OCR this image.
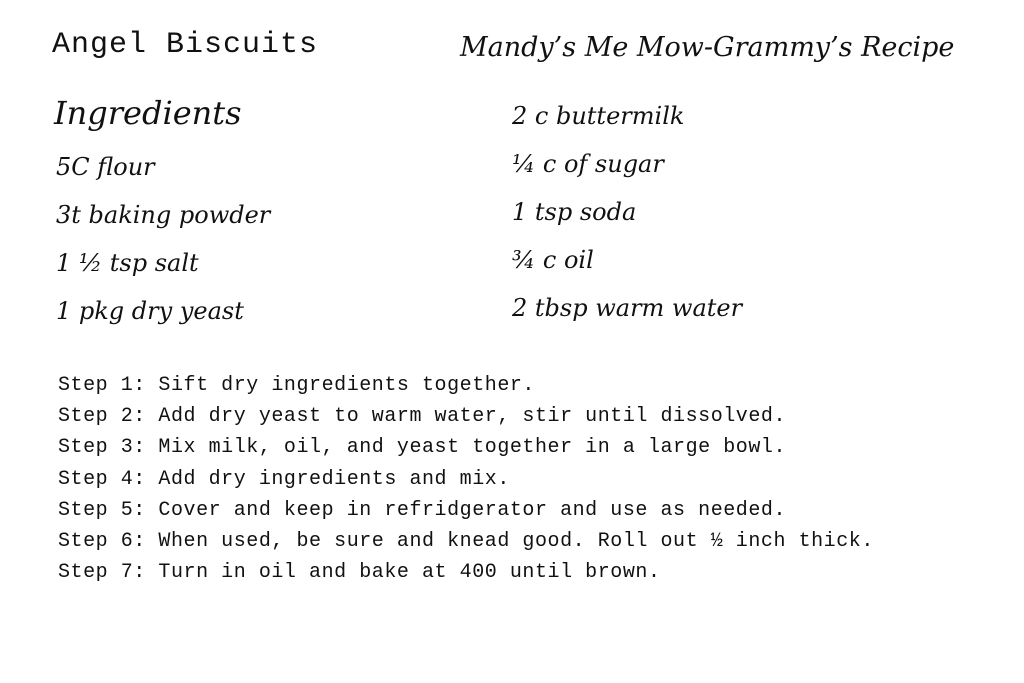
Angel Biscuits	Mandy’s Me Mow-Grammy’s Recipe
Ingredients
5C flour
3t baking powder
1 ½ tsp salt
1 pkg dry yeast
2 c buttermilk
¼ c of sugar
1 tsp soda
¾ c oil
2 tbsp warm water
Step 1: Sift dry ingredients together.
Step 2: Add dry yeast to warm water, stir until dissolved.
Step 3: Mix milk, oil, and yeast together in a large bowl.
Step 4: Add dry ingredients and mix.
Step 5: Cover and keep in refridgerator and use as needed.
Step 6: When used, be sure and knead good. Roll out ½ inch thick.
Step 7: Turn in oil and bake at 400 until brown.
